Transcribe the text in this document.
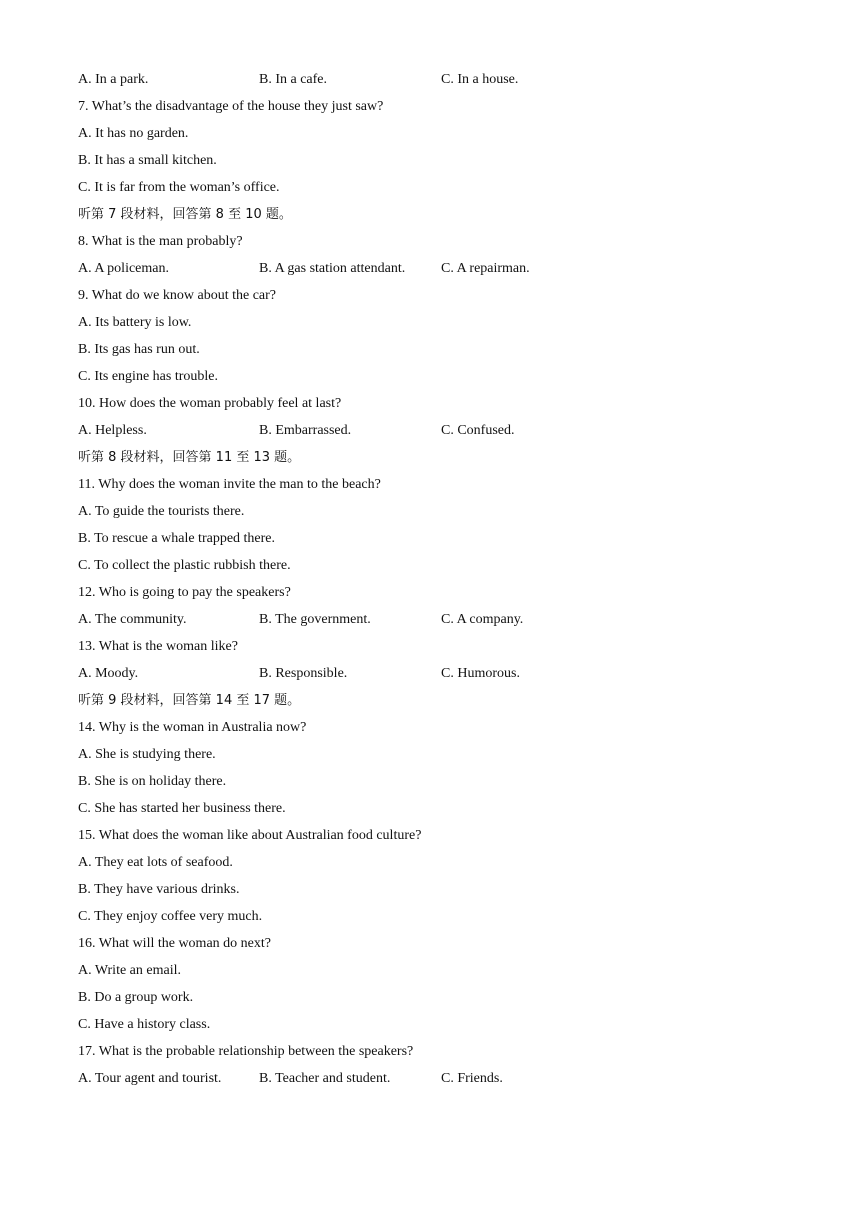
A. In a park.	B. In a cafe.	C. In a house.
7. What’s the disadvantage of the house they just saw?
A. It has no garden.
B. It has a small kitchen.
C. It is far from the woman’s office.
听第 7 段材料，回答第 8 至 10 题。
8. What is the man probably?
A. A policeman.	B. A gas station attendant.	C. A repairman.
9. What do we know about the car?
A. Its battery is low.
B. Its gas has run out.
C. Its engine has trouble.
10. How does the woman probably feel at last?
A. Helpless.	B. Embarrassed.	C. Confused.
听第 8 段材料，回答第 11 至 13 题。
11. Why does the woman invite the man to the beach?
A. To guide the tourists there.
B. To rescue a whale trapped there.
C. To collect the plastic rubbish there.
12. Who is going to pay the speakers?
A. The community.	B. The government.	C. A company.
13. What is the woman like?
A. Moody.	B. Responsible.	C. Humorous.
听第 9 段材料，回答第 14 至 17 题。
14. Why is the woman in Australia now?
A. She is studying there.
B. She is on holiday there.
C. She has started her business there.
15. What does the woman like about Australian food culture?
A. They eat lots of seafood.
B. They have various drinks.
C. They enjoy coffee very much.
16. What will the woman do next?
A. Write an email.
B. Do a group work.
C. Have a history class.
17. What is the probable relationship between the speakers?
A. Tour agent and tourist.	B. Teacher and student.	C. Friends.
